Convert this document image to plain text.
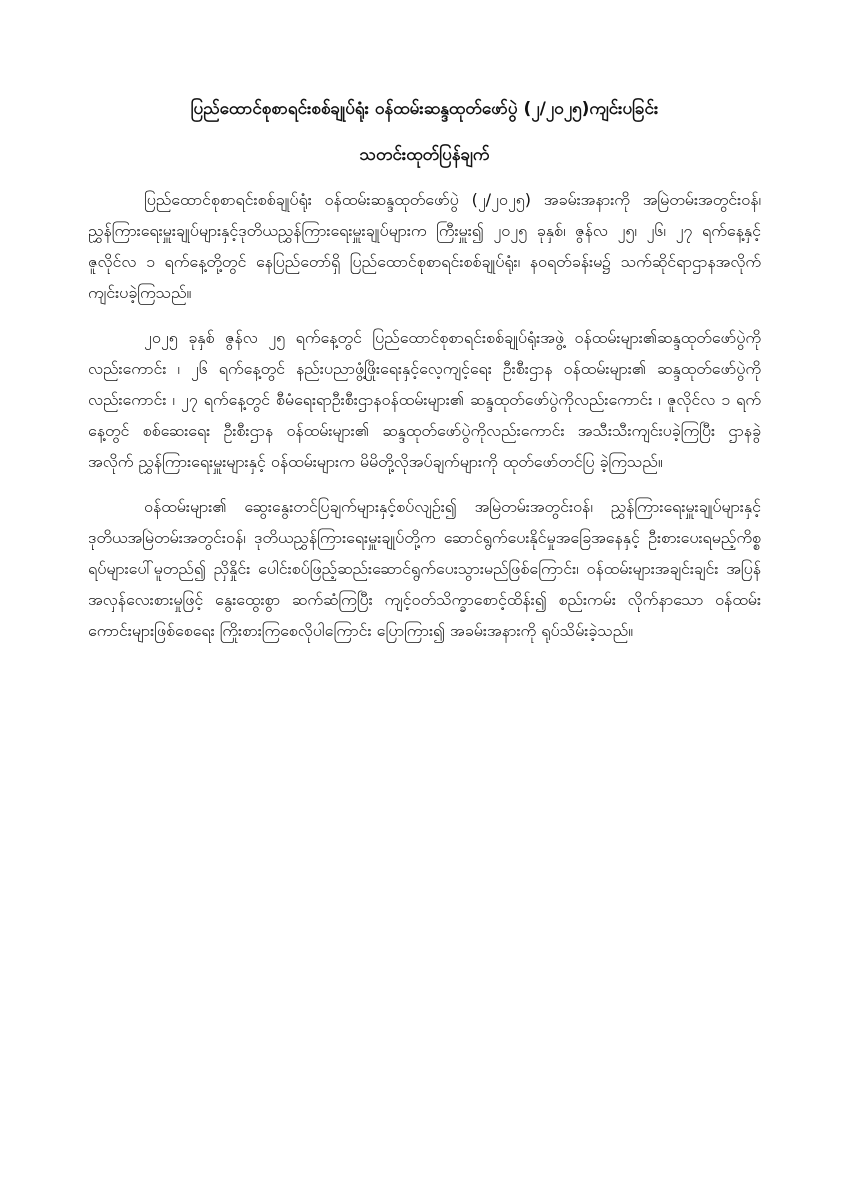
ပြည်ထောင်စုစာရင်းစစ်ချုပ်ရုံး ဝန်ထမ်းဆန္ဒထုတ်ဖော်ပွဲ (၂/၂၀၂၅)ကျင်းပခြင်း
သတင်းထုတ်ပြန်ချက်

ပြည်ထောင်စုစာရင်းစစ်ချုပ်ရုံး ဝန်ထမ်းဆန္ဒထုတ်ဖော်ပွဲ (၂/၂၀၂၅) အခမ်းအနားကို အမြဲတမ်းအတွင်းဝန်၊ ညွှန်ကြားရေးမှူးချုပ်များနှင့်ဒုတိယညွှန်ကြားရေးမှူးချုပ်များက ကြီးမှူး၍ ၂၀၂၅ ခုနှစ်၊ ဇွန်လ ၂၅၊ ၂၆၊ ၂၇ ရက်နေ့နှင့် ဇူလိုင်လ ၁ ရက်နေ့တို့တွင် နေပြည်တော်ရှိ ပြည်ထောင်စုစာရင်းစစ်ချုပ်ရုံး၊ န၀ရတ်ခန်းမ၌ သက်ဆိုင်ရာဌာနအလိုက် ကျင်းပခဲ့ကြသည်။

၂၀၂၅ ခုနှစ် ဇွန်လ ၂၅ ရက်နေ့တွင် ပြည်ထောင်စုစာရင်းစစ်ချုပ်ရုံးအဖွဲ့ ဝန်ထမ်းများ၏ဆန္ဒထုတ်ဖော်ပွဲကိုလည်းကောင်း ၊ ၂၆ ရက်နေ့တွင် နည်းပညာဖွံ့ဖြိုးရေးနှင့်လေ့ကျင့်ရေး ဦးစီးဌာန ဝန်ထမ်းများ၏ ဆန္ဒထုတ်ဖော်ပွဲကိုလည်းကောင်း ၊ ၂၇ ရက်နေ့တွင် စီမံရေးရာဦးစီးဌာနဝန်ထမ်းများ၏ ဆန္ဒထုတ်ဖော်ပွဲကိုလည်းကောင်း ၊ ဇူလိုင်လ ၁ ရက်နေ့တွင် စစ်ဆေးရေး ဦးစီးဌာန ဝန်ထမ်းများ၏ ဆန္ဒထုတ်ဖော်ပွဲကိုလည်းကောင်း အသီးသီးကျင်းပခဲ့ကြပြီး ဌာနခွဲ အလိုက် ညွှန်ကြားရေးမှူးများနှင့် ဝန်ထမ်းများက မိမိတို့လိုအပ်ချက်များကို ထုတ်ဖော်တင်ပြ ခဲ့ကြသည်။

ဝန်ထမ်းများ၏ ဆွေးနွေးတင်ပြချက်များနှင့်စပ်လျဉ်း၍ အမြဲတမ်းအတွင်းဝန်၊ ညွှန်ကြားရေးမှူးချုပ်များနှင့် ဒုတိယအမြဲတမ်းအတွင်းဝန်၊ ဒုတိယညွှန်ကြားရေးမှူးချုပ်တို့က ဆောင်ရွက်ပေးနိုင်မှုအခြေအနေနှင့် ဦးစားပေးရမည့်ကိစ္စရပ်များပေါ်မူတည်၍ ညှိနှိုင်း ပေါင်းစပ်ဖြည့်ဆည်းဆောင်ရွက်ပေးသွားမည်ဖြစ်ကြောင်း၊ ဝန်ထမ်းများအချင်းချင်း အပြန် အလှန်လေးစားမှုဖြင့် နွေးထွေးစွာ ဆက်ဆံကြပြီး ကျင့်ဝတ်သိက္ခာစောင့်ထိန်း၍ စည်းကမ်း လိုက်နာသော ဝန်ထမ်းကောင်းများဖြစ်စေရေး ကြိုးစားကြစေလိုပါကြောင်း ပြောကြား၍ အခမ်းအနားကို ရုပ်သိမ်းခဲ့သည်။
